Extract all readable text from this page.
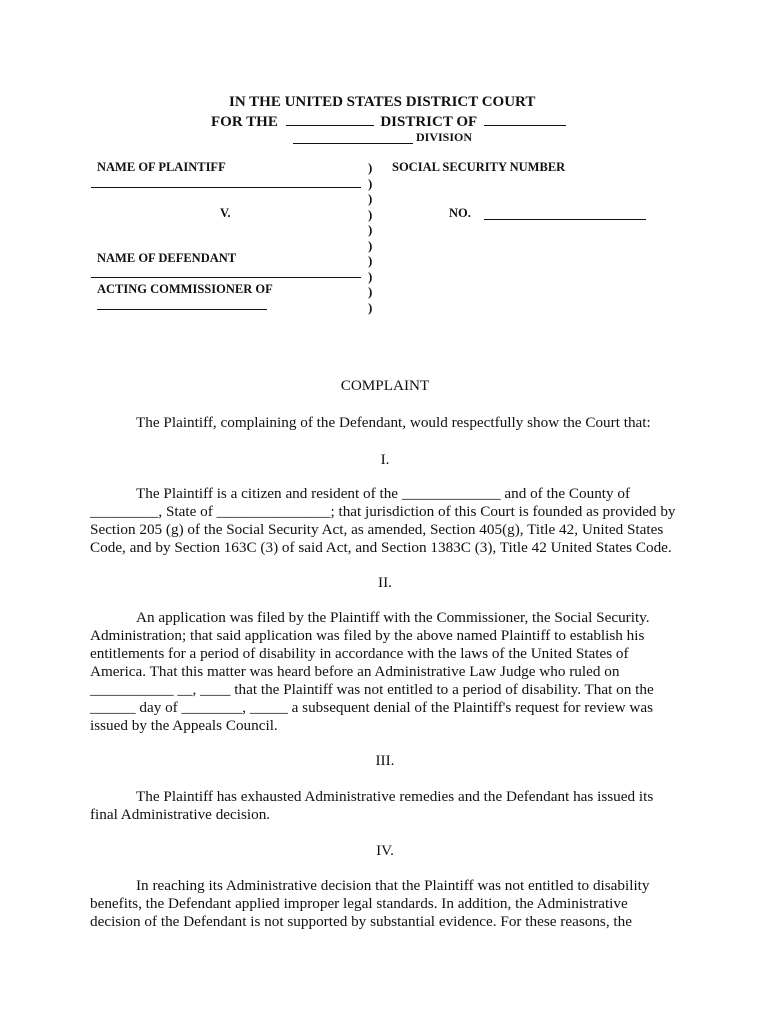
IN THE UNITED STATES DISTRICT COURT
FOR THE	DISTRICT OF
DIVISION
NAME OF PLAINTIFF
V.
NAME OF DEFENDANT
ACTING COMMISSIONER OF
)
)
)
)
)
)
)
)
)
)
SOCIAL SECURITY NUMBER
NO.
COMPLAINT
The Plaintiff, complaining of the Defendant, would respectfully show the Court that:
I.
The Plaintiff is a citizen and resident of the _____________ and of the County of
_________, State of _______________; that jurisdiction of this Court is founded as provided by
Section 205 (g) of the Social Security Act, as amended, Section 405(g), Title 42, United States
Code, and by Section 163C (3) of said Act, and Section 1383C (3), Title 42 United States Code.
II.
An application was filed by the Plaintiff with the Commissioner, the Social Security.
Administration; that said application was filed by the above named Plaintiff to establish his
entitlements for a period of disability in accordance with the laws of the United States of
America. That this matter was heard before an Administrative Law Judge who ruled on
___________ __, ____ that the Plaintiff was not entitled to a period of disability. That on the
______ day of ________, _____ a subsequent denial of the Plaintiff's request for review was
issued by the Appeals Council.
III.
The Plaintiff has exhausted Administrative remedies and the Defendant has issued its
final Administrative decision.
IV.
In reaching its Administrative decision that the Plaintiff was not entitled to disability
benefits, the Defendant applied improper legal standards. In addition, the Administrative
decision of the Defendant is not supported by substantial evidence. For these reasons, the
